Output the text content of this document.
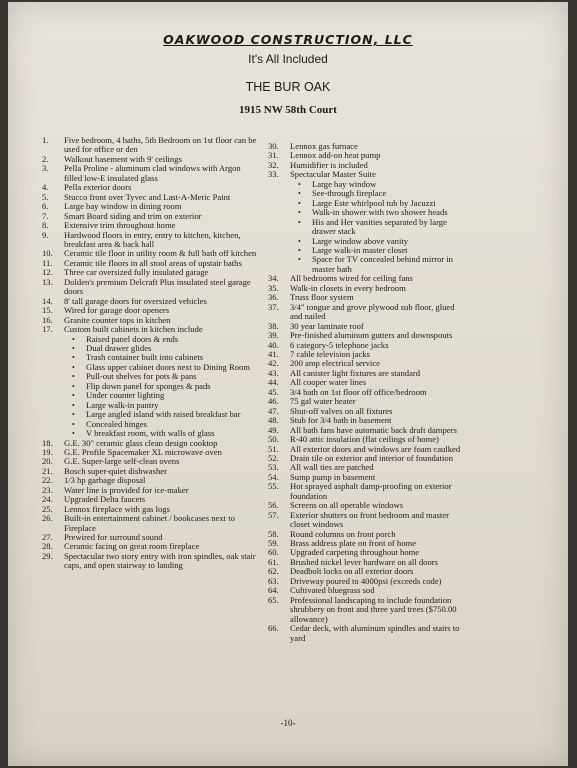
OAKWOOD CONSTRUCTION, LLC
It's All Included
THE BUR OAK
1915 NW 58th Court
1.	Five bedroom, 4 baths, 5th Bedroom on 1st floor can be used for office or den
2.	Walkout basement with 9' ceilings
3.	Pella Proline - aluminum clad windows with Argon filled low-E insulated glass
4.	Pella exterior doors
5.	Stucco front over Tyvec and Last-A-Meric Paint
6.	Large bay window in dining room
7.	Smart Board siding and trim on exterior
8.	Extensive trim throughout home
9.	Hardwood floors in entry, entry to kitchen, kitchen, breakfast area & back hall
10.	Ceramic tile floor in utility room & full bath off kitchen
11.	Ceramic tile floors in all stool areas of upstair baths
12.	Three car oversized fully insulated garage
13.	Dolden's premium Delcraft Plus insulated steel garage doors
14.	8' tall garage doors for oversized vehicles
15.	Wired for garage door openers
16.	Granite counter tops in kitchen
17.	Custom built cabinets in kitchen include
•	Raised panel doors & ends
•	Dual drawer glides
•	Trash container built into cabinets
•	Glass upper cabinet doors next to Dining Room
•	Pull-out shelves for pots & pans
•	Flip down panel for sponges & pads
•	Under counter lighting
•	Large walk-in pantry
•	Large angled island with raised breakfast bar
•	Concealed hinges
•	V breakfast room, with walls of glass
18.	G.E. 30" ceramic glass clean design cooktop
19.	G.E. Profile Spacemaker XL microwave oven
20.	G.E. Super-large self-clean ovens
21.	Bosch super-quiet dishwasher
22.	1/3 hp garbage disposal
23.	Water line is provided for ice-maker
24.	Upgraded Delta faucets
25.	Lennox fireplace with gas logs
26.	Built-in entertainment cabinet / bookcases next to Fireplace
27.	Prewired for surround sound
28.	Ceramic facing on great room fireplace
29.	Spectacular two story entry with iron spindles, oak stair caps, and open stairway to landing
30.	Lennox gas furnace
31.	Lennox add-on heat pump
32.	Humidifier is included
33.	Spectacular Master Suite
•	Large bay window
•	See-through fireplace
•	Large Este whirlpool tub by Jacuzzi
•	Walk-in shower with two shower heads
•	His and Her vanities separated by large drawer stack
•	Large window above vanity
•	Large walk-in master closet
•	Space for TV concealed behind mirror in master bath
34.	All bedrooms wired for ceiling fans
35.	Walk-in closets in every bedroom
36.	Truss floor system
37.	3/4" tongue and grove plywood sub floor, glued and nailed
38.	30 year laminate roof
39.	Pre-finished aluminum gutters and downspouts
40.	6 category-5 telephone jacks
41.	7 cable television jacks
42.	200 amp electrical service
43.	All canister light fixtures are standard
44.	All cooper water lines
45.	3/4 bath on 1st floor off office/bedroom
46.	75 gal water heater
47.	Shut-off valves on all fixtures
48.	Stub for 3/4 bath in basement
49.	All bath fans have automatic back draft dampers
50.	R-40 attic insulation (flat ceilings of home)
51.	All exterior doors and windows are foam caulked
52.	Drain tile on exterior and interior of foundation
53.	All wall ties are patched
54.	Sump pump in basement
55.	Hot sprayed asphalt damp-proofing on exterior foundation
56.	Screens on all operable windows
57.	Exterior shutters on front bedroom and master closet windows
58.	Round columns on front porch
59.	Brass address plate on front of home
60.	Upgraded carpeting throughout home
61.	Brushed nickel lever hardware on all doors
62.	Deadbolt locks on all exterior doors
63.	Driveway poured to 4000psi (exceeds code)
64.	Cultivated bluegrass sod
65.	Professional landscaping to include foundation shrubbery on front and three yard trees ($750.00 allowance)
66.	Cedar deck, with aluminum spindles and stairs to yard
-10-
